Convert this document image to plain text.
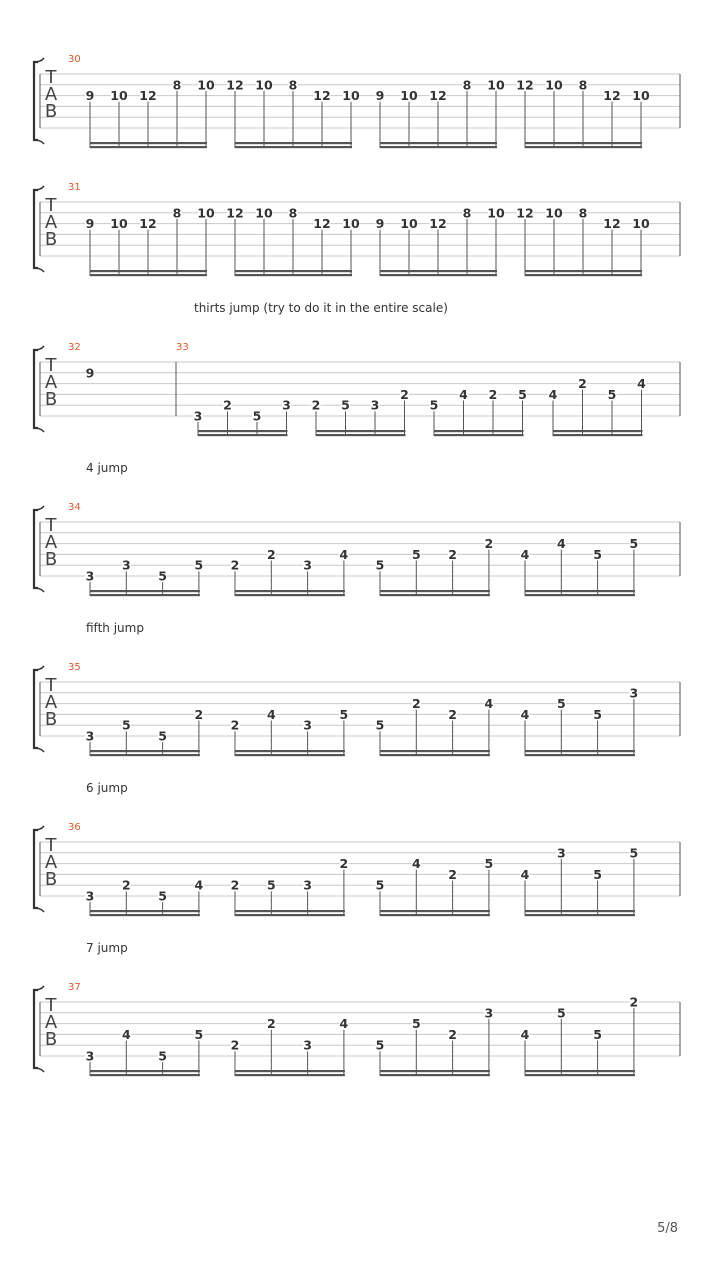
T
A
B
30
9 10 12
8 10 12 10 8
12 10 9 10 12
8 10 12 10 8
12 10
T
A
B
31
9 10 12
8 10 12 10 8
12 10 9 10 12
8 10 12 10 8
12 10
thirts jump (try to do it in the entire scale)
T
A
B
32	33
9
3
2
5
3 2 5 3
2
5
4 2 5 4
2
5
4
4 jump
T
A
B
34
3
3
5
5 2
2
3
4
5
5 2
2
4
4
5
5
fifth jump
T
A
B
35
3
5
5
2
2
4
3
5
5
2
2
4
4
5
5
3
6 jump
T
A
B
36
3
2
5
4 2 5 3
2
5
4
2
5
4
3
5
5
7 jump
T
A
B
37
3
4
5
5
2
2
3
4
5
5
2
3
4
5
5
2
5/8
